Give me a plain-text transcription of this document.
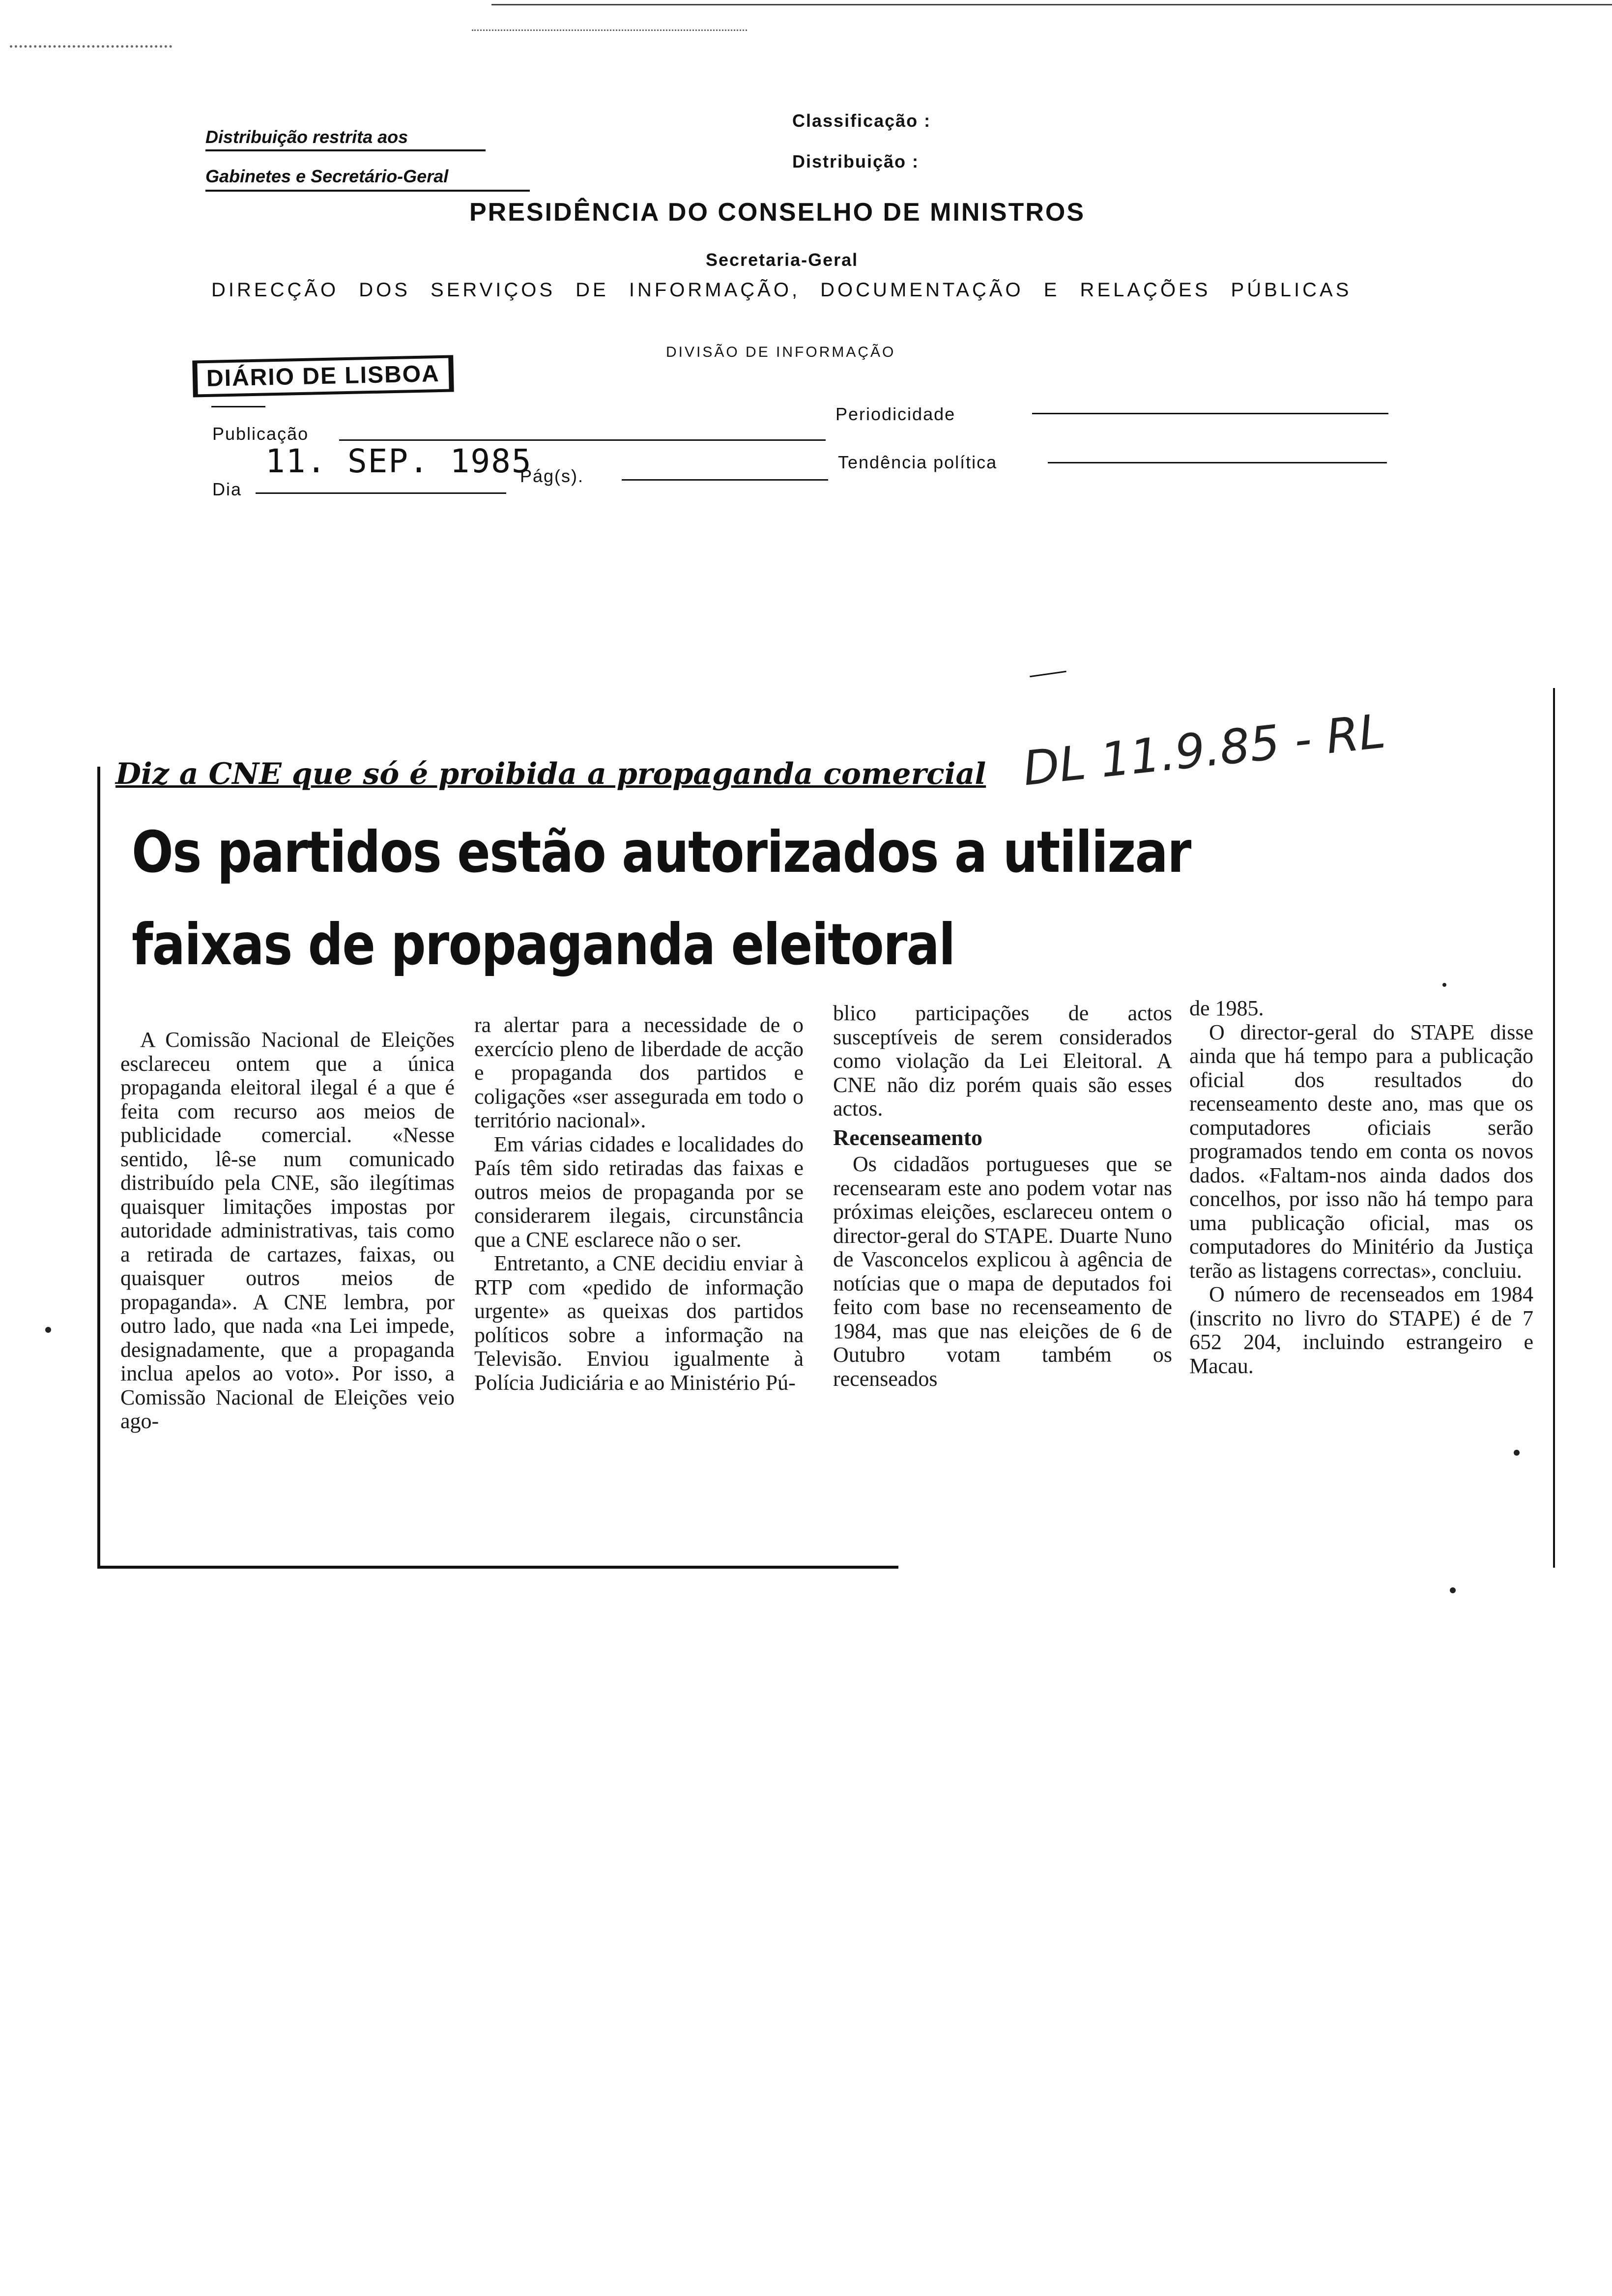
Distribuição restrita aos
Gabinetes e Secretário-Geral
Classificação :
Distribuição :
PRESIDÊNCIA DO CONSELHO DE MINISTROS
Secretaria-Geral
DIRECÇÃO DOS SERVIÇOS DE INFORMAÇÃO, DOCUMENTAÇÃO E RELAÇÕES PÚBLICAS
DIVISÃO DE INFORMAÇÃO
DIÁRIO DE LISBOA
Publicação
Periodicidade
Dia
11. SEP. 1985
Pág(s).
Tendência política
Diz a CNE que só é proibida a propaganda comercial DL 11.9.85 - RL
Os partidos estão autorizados a utilizar
faixas de propaganda eleitoral

A Comissão Nacional de Eleições esclareceu ontem que a única propaganda eleitoral ilegal é a que é feita com recurso aos meios de publicidade comercial. «Nesse sentido, lê-se num comunicado distribuído pela CNE, são ilegítimas quaisquer limitações impostas por autoridade administrativas, tais como a retirada de cartazes, faixas, ou quaisquer outros meios de propaganda». A CNE lembra, por outro lado, que nada «na Lei impede, designadamente, que a propaganda inclua apelos ao voto». Por isso, a Comissão Nacional de Eleições veio ago-

ra alertar para a necessidade de o exercício pleno de liberdade de acção e propaganda dos partidos e coligações «ser assegurada em todo o território nacional».

Em várias cidades e localidades do País têm sido retiradas das faixas e outros meios de propaganda por se considerarem ilegais, circunstância que a CNE esclarece não o ser.

Entretanto, a CNE decidiu enviar à RTP com «pedido de informação urgente» as queixas dos partidos políticos sobre a informação na Televisão. Enviou igualmente à Polícia Judiciária e ao Ministério Pú-

blico participações de actos susceptíveis de serem considerados como violação da Lei Eleitoral. A CNE não diz porém quais são esses actos.

Recenseamento

Os cidadãos portugueses que se recensearam este ano podem votar nas próximas eleições, esclareceu ontem o director-geral do STAPE. Duarte Nuno de Vasconcelos explicou à agência de notícias que o mapa de deputados foi feito com base no recenseamento de 1984, mas que nas eleições de 6 de Outubro votam também os recenseados

de 1985.

O director-geral do STAPE disse ainda que há tempo para a publicação oficial dos resultados do recenseamento deste ano, mas que os computadores oficiais serão programados tendo em conta os novos dados. «Faltam-nos ainda dados dos concelhos, por isso não há tempo para uma publicação oficial, mas os computadores do Minitério da Justiça terão as listagens correctas», concluiu.

O número de recenseados em 1984 (inscrito no livro do STAPE) é de 7 652 204, incluindo estrangeiro e Macau.
